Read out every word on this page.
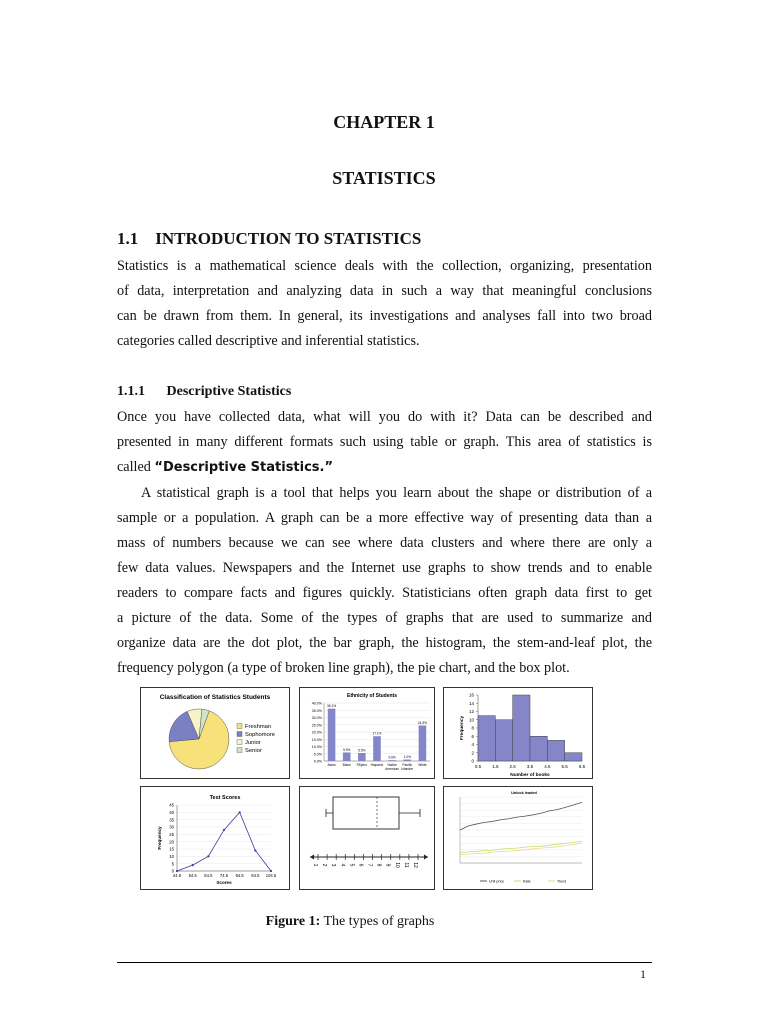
CHAPTER 1
STATISTICS
1.1 INTRODUCTION TO STATISTICS
Statistics is a mathematical science deals with the collection, organizing, presentation
of data, interpretation and analyzing data in such a way that meaningful conclusions
can be drawn from them. In general, its investigations and analyses fall into two broad
categories called descriptive and inferential statistics.
1.1.1 Descriptive Statistics
Once you have collected data, what will you do with it? Data can be described and
presented in many different formats such using table or graph. This area of statistics is
called “Descriptive Statistics.”
A statistical graph is a tool that helps you learn about the shape or distribution of a
sample or a population. A graph can be a more effective way of presenting data than a
mass of numbers because we can see where data clusters and where there are only a
few data values. Newspapers and the Internet use graphs to show trends and to enable
readers to compare facts and figures quickly. Statisticians often graph data first to get
a picture of the data. Some of the types of graphs that are used to summarize and
organize data are the dot plot, the bar graph, the histogram, the stem-and-leaf plot, the
frequency polygon (a type of broken line graph), the pie chart, and the box plot.
Classification of Statistics Students
Freshman
Sophomore
Junior
Senior
Ethnicity of Students
0.0%
5.0%
10.0%
15.0%
20.0%
25.0%
30.0%
35.0%
40.0%
36.1%
Asian
5.9%
Black
5.5%
Filipino
17.1%
Hispanic
0.6%
Native
American
1.0%
Pacific
Islander
24.5%
White
0
2
4
6
8
10
12
14
16
0.5 1.5 2.5 3.5 4.5 5.5 6.5
Number of books
Frequency
Test Scores
0
5
10
15
20
25
30
35
40
45
44.5 54.5 64.5 74.5 84.5 94.5 104.5
Scores
Frequency
1 2 3 4 5 6 7 8 9 10 11 12
Unlock leaded
Unit price	Rate	Trend
Figure 1: The types of graphs
1
